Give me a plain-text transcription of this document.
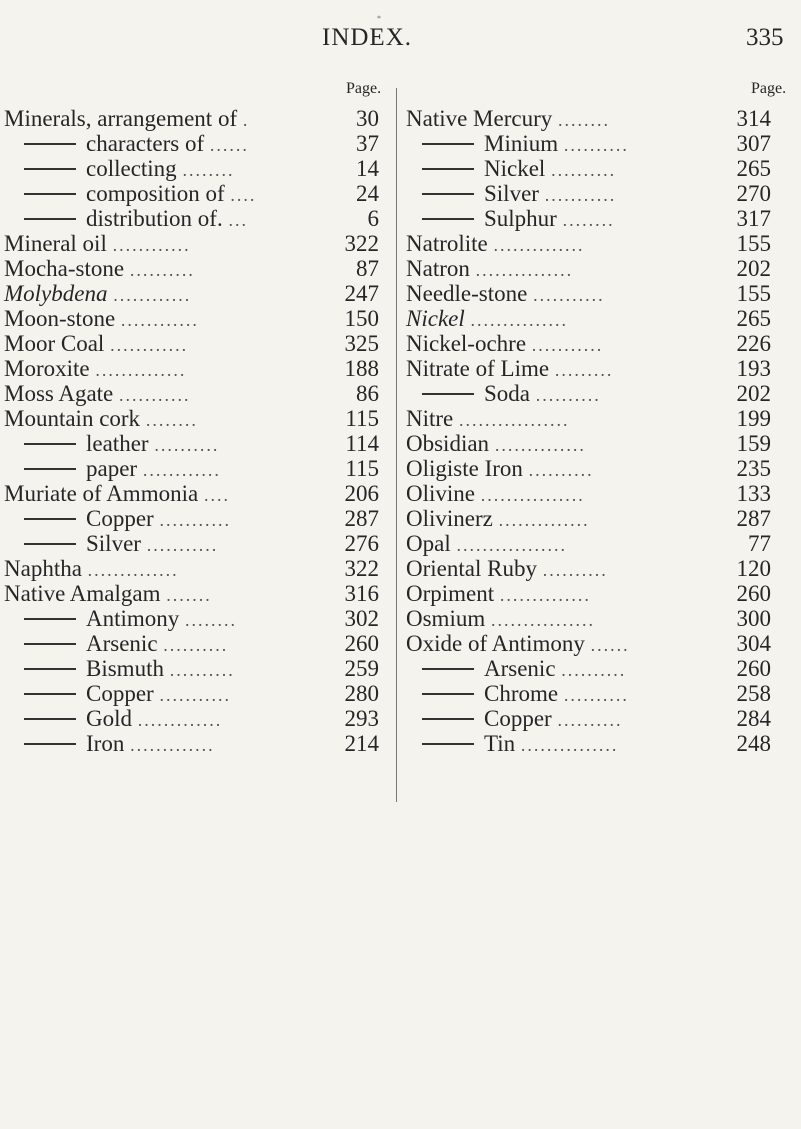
*
INDEX.	335
Page.
Minerals, arrangement of .	30
characters of ......	37
collecting ........	14
composition of ....	24
distribution of. ...	6
Mineral oil ............	322
Mocha-stone ..........	87
Molybdena ............	247
Moon-stone ............	150
Moor Coal ............	325
Moroxite ..............	188
Moss Agate ...........	86
Mountain cork ........	115
leather ..........	114
paper ............	115
Muriate of Ammonia ....	206
Copper ...........	287
Silver ...........	276
Naphtha ..............	322
Native Amalgam .......	316
Antimony ........	302
Arsenic ..........	260
Bismuth ..........	259
Copper ...........	280
Gold .............	293
Iron .............	214
Page.
Native Mercury ........	314
Minium ..........	307
Nickel ..........	265
Silver ...........	270
Sulphur ........	317
Natrolite ..............	155
Natron ...............	202
Needle-stone ...........	155
Nickel ...............	265
Nickel-ochre ...........	226
Nitrate of Lime .........	193
Soda ..........	202
Nitre .................	199
Obsidian ..............	159
Oligiste Iron ..........	235
Olivine ................	133
Olivinerz ..............	287
Opal .................	77
Oriental Ruby ..........	120
Orpiment ..............	260
Osmium ................	300
Oxide of Antimony ......	304
Arsenic ..........	260
Chrome ..........	258
Copper ..........	284
Tin ...............	248
